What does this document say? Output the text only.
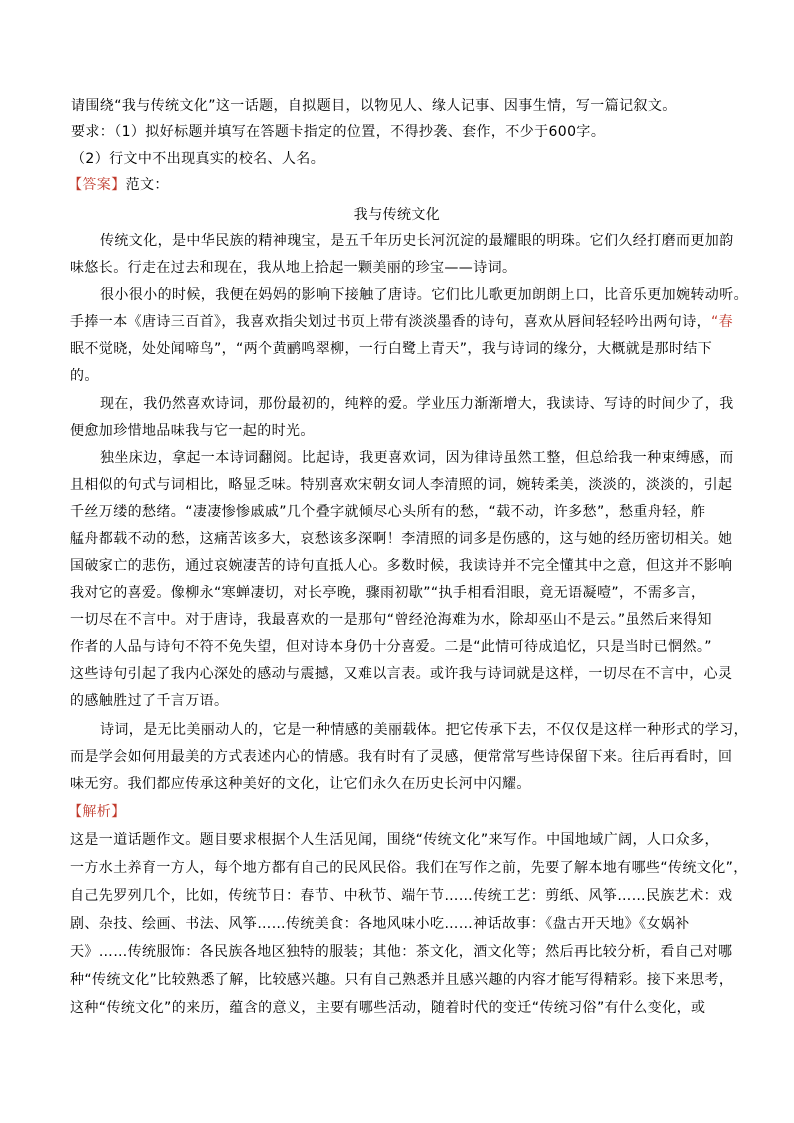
请围绕“我与传统文化”这一话题，自拟题目，以物见人、缘人记事、因事生情，写一篇记叙文。
要求：（1）拟好标题并填写在答题卡指定的位置，不得抄袭、套作，不少于600字。
（2）行文中不出现真实的校名、人名。
【答案】范文：
我与传统文化
传统文化，是中华民族的精神瑰宝，是五千年历史长河沉淀的最耀眼的明珠。它们久经打磨而更加韵
味悠长。行走在过去和现在，我从地上拾起一颗美丽的珍宝——诗词。
很小很小的时候，我便在妈妈的影响下接触了唐诗。它们比儿歌更加朗朗上口，比音乐更加婉转动听。
手捧一本《唐诗三百首》，我喜欢指尖划过书页上带有淡淡墨香的诗句，喜欢从唇间轻轻吟出两句诗，“春
眠不觉晓，处处闻啼鸟”，“两个黄鹂鸣翠柳，一行白鹭上青天”，我与诗词的缘分，大概就是那时结下
的。
现在，我仍然喜欢诗词，那份最初的，纯粹的爱。学业压力渐渐增大，我读诗、写诗的时间少了，我
便愈加珍惜地品味我与它一起的时光。
独坐床边，拿起一本诗词翻阅。比起诗，我更喜欢词，因为律诗虽然工整，但总给我一种束缚感，而
且相似的句式与词相比，略显乏味。特别喜欢宋朝女词人李清照的词，婉转柔美，淡淡的，淡淡的，引起
千丝万缕的愁绪。“凄凄惨惨戚戚”几个叠字就倾尽心头所有的愁，“载不动，许多愁”，愁重舟轻，舴
艋舟都载不动的愁，这痛苦该多大，哀愁该多深啊！李清照的词多是伤感的，这与她的经历密切相关。她
国破家亡的悲伤，通过哀婉凄苦的诗句直抵人心。多数时候，我读诗并不完全懂其中之意，但这并不影响
我对它的喜爱。像柳永“寒蝉凄切，对长亭晚，骤雨初歇”“执手相看泪眼，竟无语凝噎”，不需多言，
一切尽在不言中。对于唐诗，我最喜欢的一是那句“曾经沧海难为水，除却巫山不是云。”虽然后来得知
作者的人品与诗句不符不免失望，但对诗本身仍十分喜爱。二是“此情可待成追忆，只是当时已惘然。”
这些诗句引起了我内心深处的感动与震撼，又难以言表。或许我与诗词就是这样，一切尽在不言中，心灵
的感触胜过了千言万语。
诗词，是无比美丽动人的，它是一种情感的美丽载体。把它传承下去，不仅仅是这样一种形式的学习，
而是学会如何用最美的方式表述内心的情感。我有时有了灵感，便常常写些诗保留下来。往后再看时，回
味无穷。我们都应传承这种美好的文化，让它们永久在历史长河中闪耀。
【解析】
这是一道话题作文。题目要求根据个人生活见闻，围绕“传统文化”来写作。中国地域广阔，人口众多，
一方水土养育一方人，每个地方都有自己的民风民俗。我们在写作之前，先要了解本地有哪些“传统文化”，
自己先罗列几个，比如，传统节日：春节、中秋节、端午节……传统工艺：剪纸、风筝……民族艺术：戏
剧、杂技、绘画、书法、风筝……传统美食：各地风味小吃……神话故事：《盘古开天地》《女娲补
天》……传统服饰：各民族各地区独特的服装；其他：茶文化，酒文化等；然后再比较分析，看自己对哪
种“传统文化”比较熟悉了解，比较感兴趣。只有自己熟悉并且感兴趣的内容才能写得精彩。接下来思考，
这种“传统文化”的来历，蕴含的意义，主要有哪些活动，随着时代的变迁“传统习俗”有什么变化，或
